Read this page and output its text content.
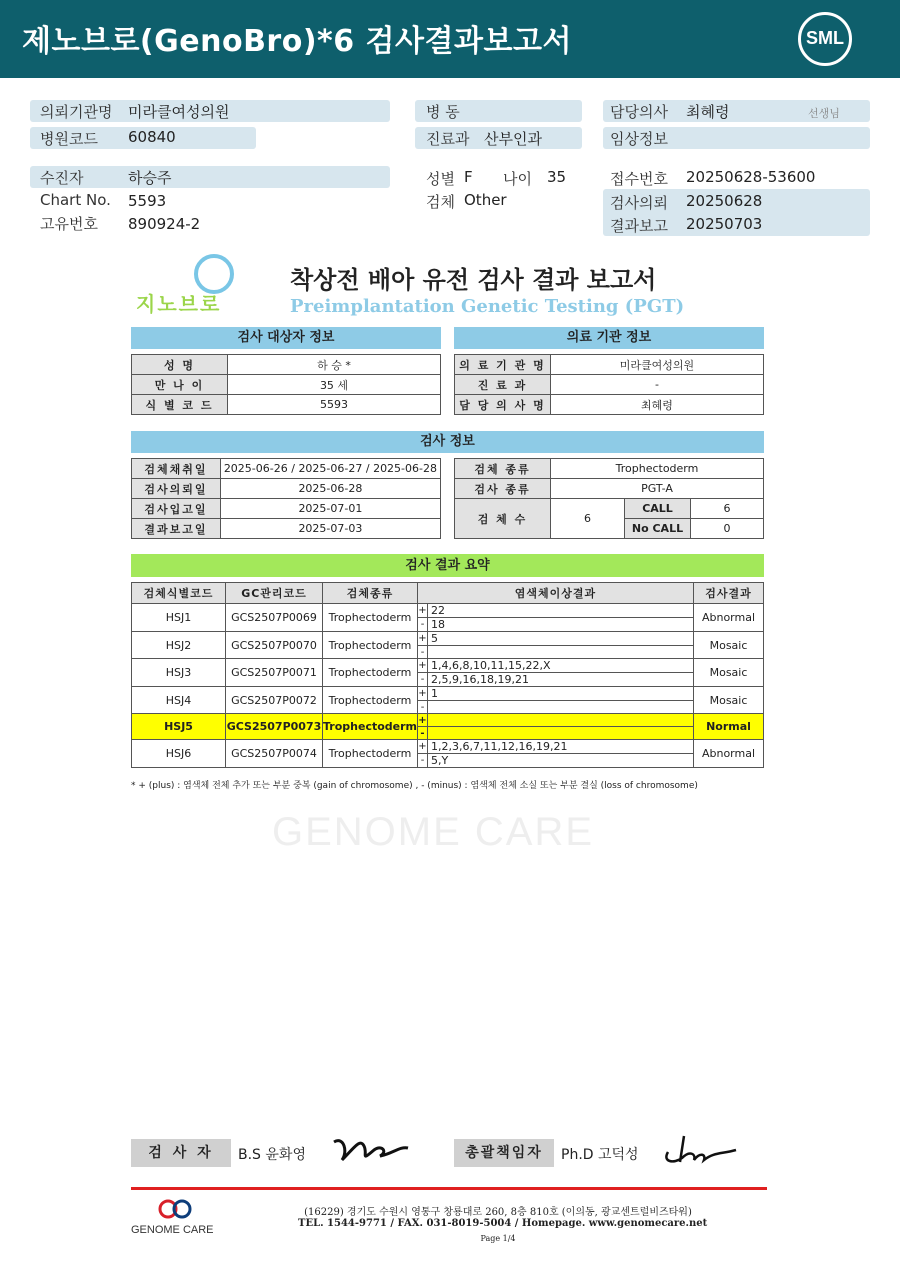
제노브로(GenoBro)*6 검사결과보고서	SML
의뢰기관명 미라클여성의원
병원코드 60840
병 동
진료과 산부인과
담당의사 최혜령	선생님
임상정보
수진자	하승주
Chart No. 5593
고유번호 890924-2
성별 F 나이 35
검체 Other
접수번호 20250628-53600
검사의뢰 20250628
결과보고 20250703
지노브로
착상전 배아 유전 검사 결과 보고서
Preimplantation Genetic Testing (PGT)
검사 대상자 정보	의료 기관 정보
성 명	하 승 *
만 나 이	35 세
식 별 코 드	5593
의 료 기 관 명	미라클여성의원
진 료 과	-
담 당 의 사 명	최혜령
검사 정보
검체채취일	2025-06-26 / 2025-06-27 / 2025-06-28
검사의뢰일	2025-06-28
검사입고일	2025-07-01
결과보고일	2025-07-03
검체 종류	Trophectoderm		
검사 종류	PGT-A		
검 체 수	6	CALL	6
		No CALL	0
검사 결과 요약
검체식별코드	GC관리코드	검체종류	염색체이상결과		검사결과
HSJ1	GCS2507P0069	Trophectoderm	+	22	Abnormal
			-	18	
HSJ2	GCS2507P0070	Trophectoderm	+	5	Mosaic
			-		
HSJ3	GCS2507P0071	Trophectoderm	+	1,4,6,8,10,11,15,22,X	Mosaic
			-	2,5,9,16,18,19,21	
HSJ4	GCS2507P0072	Trophectoderm	+	1	Mosaic
			-		
HSJ5	GCS2507P0073	Trophectoderm	+		Normal
			-		
HSJ6	GCS2507P0074	Trophectoderm	+	1,2,3,6,7,11,12,16,19,21	Abnormal
			-	5,Y	
* + (plus) : 염색체 전체 추가 또는 부분 중복 (gain of chromosome) , - (minus) : 염색체 전체 소실 또는 부분 결실 (loss of chromosome)
GENOME CARE
검 사 자	B.S 윤화영	총괄책임자	Ph.D 고덕성
GENOME CARE
(16229) 경기도 수원시 영통구 창룡대로 260, 8층 810호 (이의동, 광교센트럴비즈타워)
TEL. 1544-9771 / FAX. 031-8019-5004 / Homepage. www.genomecare.net
Page 1/4
